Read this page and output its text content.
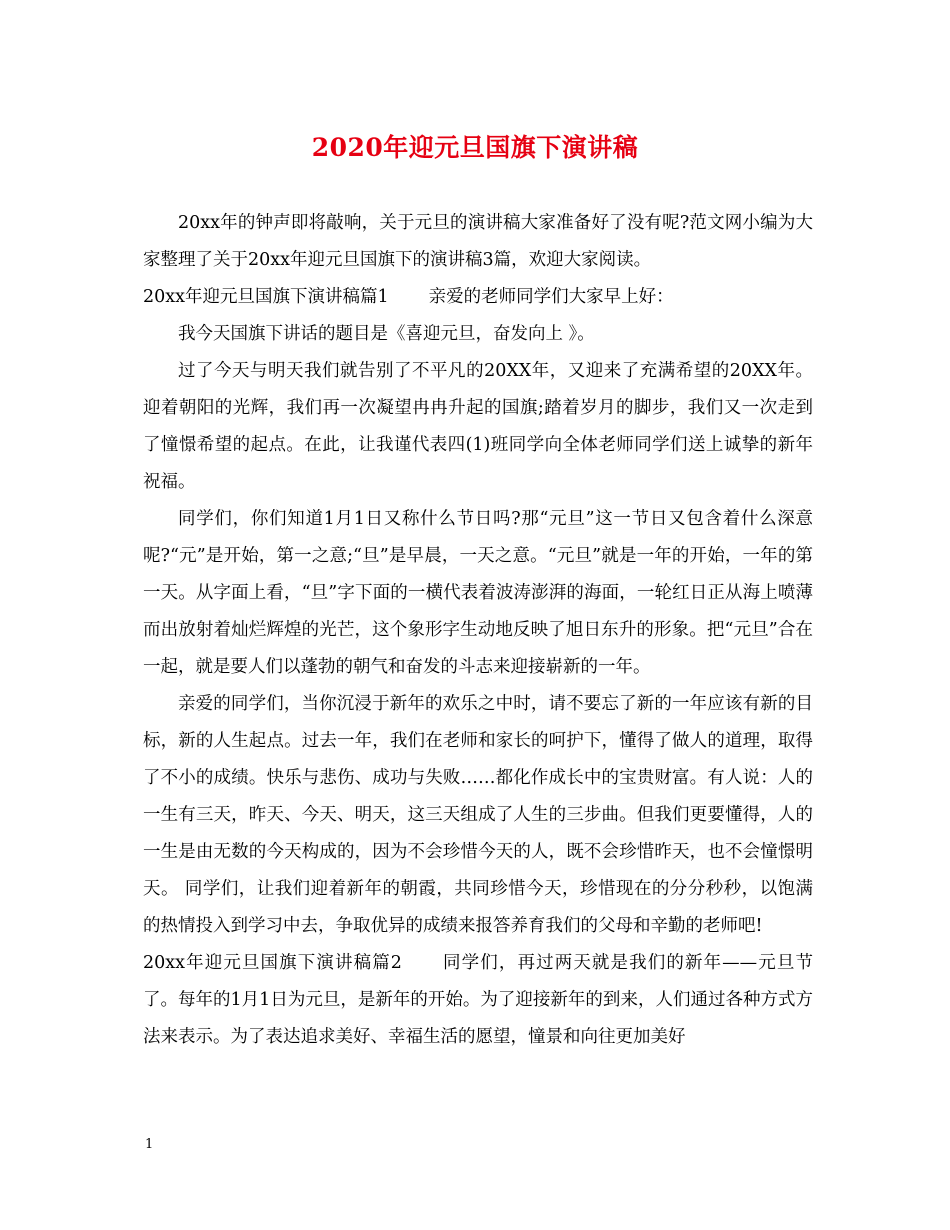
2020年迎元旦国旗下演讲稿

20xx年的钟声即将敲响，关于元旦的演讲稿大家准备好了没有呢?范文网小编为大家整理了关于20xx年迎元旦国旗下的演讲稿3篇，欢迎大家阅读。

20xx年迎元旦国旗下演讲稿篇1 亲爱的老师同学们大家早上好：

我今天国旗下讲话的题目是《喜迎元旦，奋发向上 》。

过了今天与明天我们就告别了不平凡的20XX年，又迎来了充满希望的20XX年。迎着朝阳的光辉，我们再一次凝望冉冉升起的国旗;踏着岁月的脚步，我们又一次走到了憧憬希望的起点。在此，让我谨代表四(1)班同学向全体老师同学们送上诚挚的新年祝福。

同学们，你们知道1月1日又称什么节日吗?那“元旦”这一节日又包含着什么深意呢?“元”是开始，第一之意;“旦”是早晨，一天之意。“元旦”就是一年的开始，一年的第一天。从字面上看，“旦”字下面的一横代表着波涛澎湃的海面，一轮红日正从海上喷薄而出放射着灿烂辉煌的光芒，这个象形字生动地反映了旭日东升的形象。把“元旦”合在一起，就是要人们以蓬勃的朝气和奋发的斗志来迎接崭新的一年。

亲爱的同学们，当你沉浸于新年的欢乐之中时，请不要忘了新的一年应该有新的目标，新的人生起点。过去一年，我们在老师和家长的呵护下，懂得了做人的道理，取得了不小的成绩。快乐与悲伤、成功与失败……都化作成长中的宝贵财富。有人说：人的一生有三天，昨天、今天、明天，这三天组成了人生的三步曲。但我们更要懂得，人的一生是由无数的今天构成的，因为不会珍惜今天的人，既不会珍惜昨天，也不会憧憬明天。 同学们，让我们迎着新年的朝霞，共同珍惜今天，珍惜现在的分分秒秒，以饱满的热情投入到学习中去，争取优异的成绩来报答养育我们的父母和辛勤的老师吧!

20xx年迎元旦国旗下演讲稿篇2 同学们，再过两天就是我们的新年——元旦节了。每年的1月1日为元旦，是新年的开始。为了迎接新年的到来，人们通过各种方式方法来表示。为了表达追求美好、幸福生活的愿望，憧景和向往更加美好

1
